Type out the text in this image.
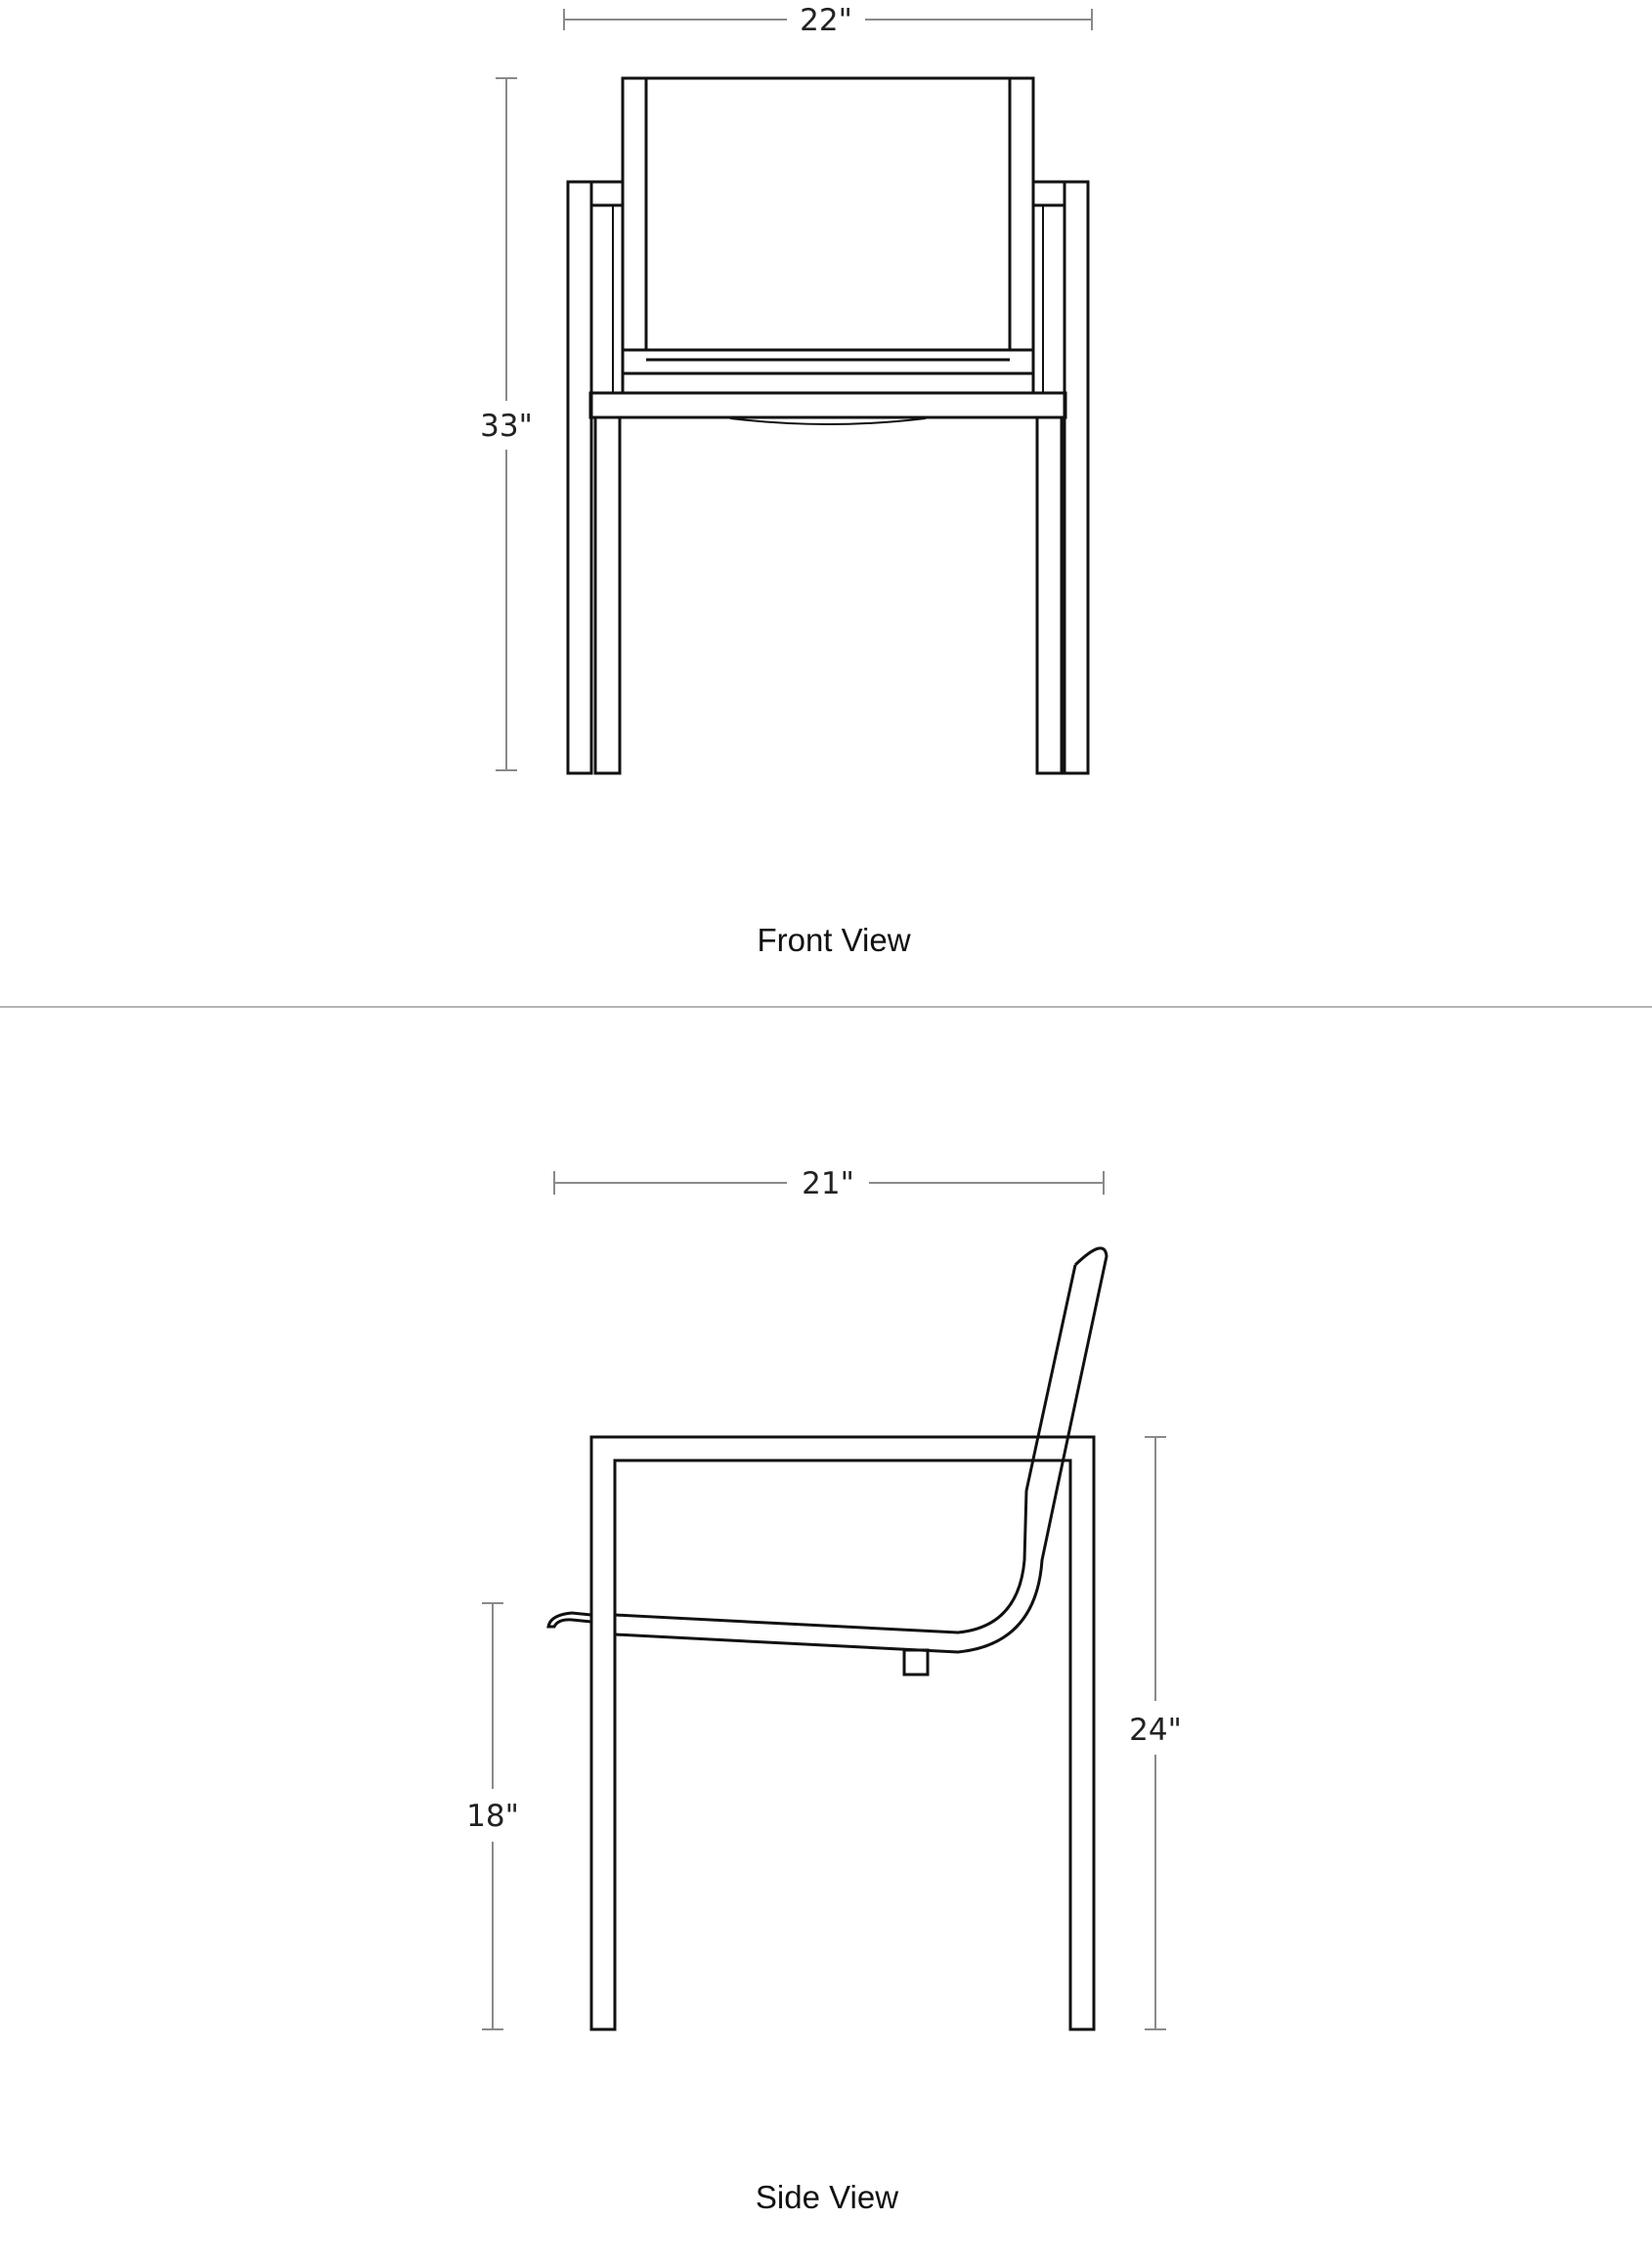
22"
33"
Front View
21"
18"
24"
Side View
